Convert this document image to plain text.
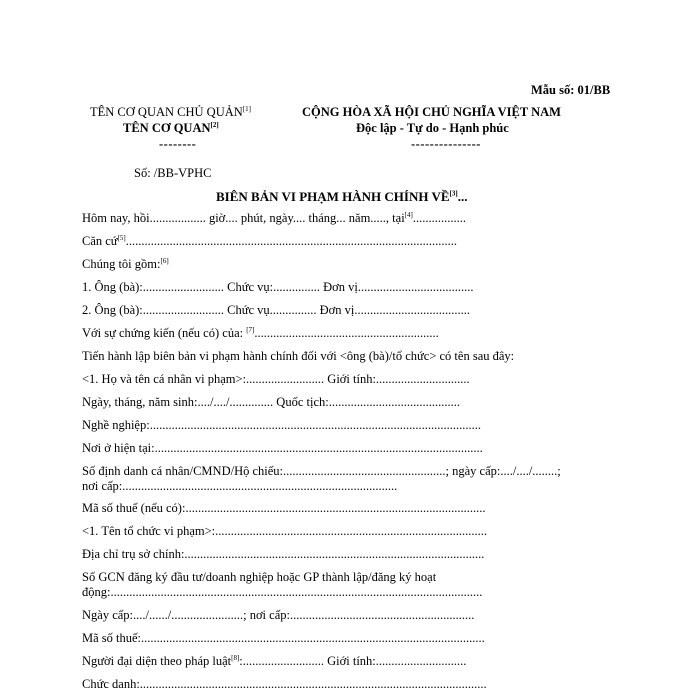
Mẫu số: 01/BB
TÊN CƠ QUAN CHỦ QUẢN[1]
TÊN CƠ QUAN[2]
--------
CỘNG HÒA XÃ HỘI CHỦ NGHĨA VIỆT NAM
Độc lập - Tự do - Hạnh phúc
---------------
Số: /BB-VPHC
BIÊN BẢN VI PHẠM HÀNH CHÍNH VỀ[3]...
Hôm nay, hồi.................. giờ.... phút, ngày.... tháng... năm....., tại[4].................
Căn cứ[5]..........................................................................................................
Chúng tôi gồm:[6]
1. Ông (bà):.......................... Chức vụ:............... Đơn vị.....................................
2. Ông (bà):.......................... Chức vụ............... Đơn vị.....................................
Với sự chứng kiến (nếu có) của: [7]...........................................................
Tiến hành lập biên bản vi phạm hành chính đối với <ông (bà)/tổ chức> có tên sau đây:
<1. Họ và tên cá nhân vi phạm>:......................... Giới tính:..............................
Ngày, tháng, năm sinh:..../..../.............. Quốc tịch:..........................................
Nghề nghiệp:..........................................................................................................
Nơi ở hiện tại:.........................................................................................................
Số định danh cá nhân/CMND/Hộ chiếu:....................................................; ngày cấp:..../..../........;
nơi cấp:........................................................................................
Mã số thuế (nếu có):................................................................................................
<1. Tên tổ chức vi phạm>:.......................................................................................
Địa chỉ trụ sở chính:................................................................................................
Số GCN đăng ký đầu tư/doanh nghiệp hoặc GP thành lập/đăng ký hoạt
động:.......................................................................................................................
Ngày cấp:..../....../.......................; nơi cấp:...........................................................
Mã số thuế:..............................................................................................................
Người đại diện theo pháp luật[8]:.......................... Giới tính:.............................
Chức danh:...............................................................................................................
